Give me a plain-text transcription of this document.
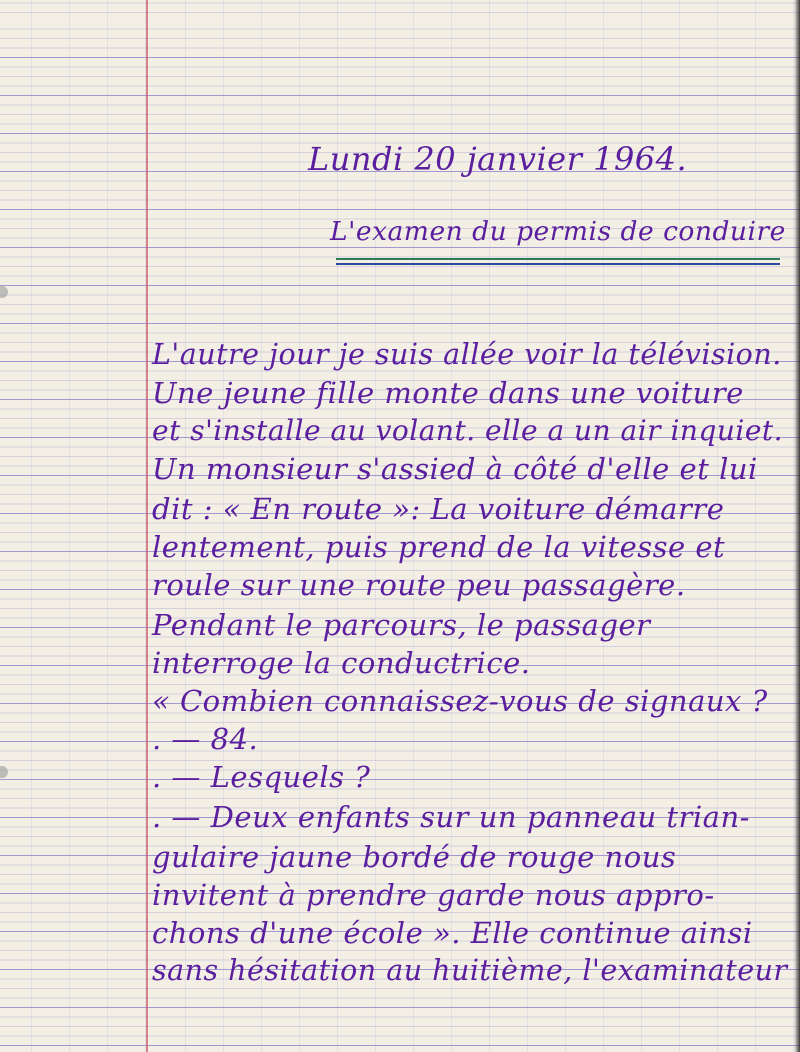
Lundi 20 janvier 1964.
L'examen du permis de conduire
L'autre jour je suis allée voir la télévision.
Une jeune fille monte dans une voiture
et s'installe au volant. elle a un air inquiet.
Un monsieur s'assied à côté d'elle et lui
dit : « En route »: La voiture démarre
lentement, puis prend de la vitesse et
roule sur une route peu passagère.
Pendant le parcours, le passager
interroge la conductrice.
« Combien connaissez-vous de signaux ?
. — 84.
. — Lesquels ?
. — Deux enfants sur un panneau trian-
gulaire jaune bordé de rouge nous
invitent à prendre garde nous appro-
chons d'une école ». Elle continue ainsi
sans hésitation au huitième, l'examinateur
